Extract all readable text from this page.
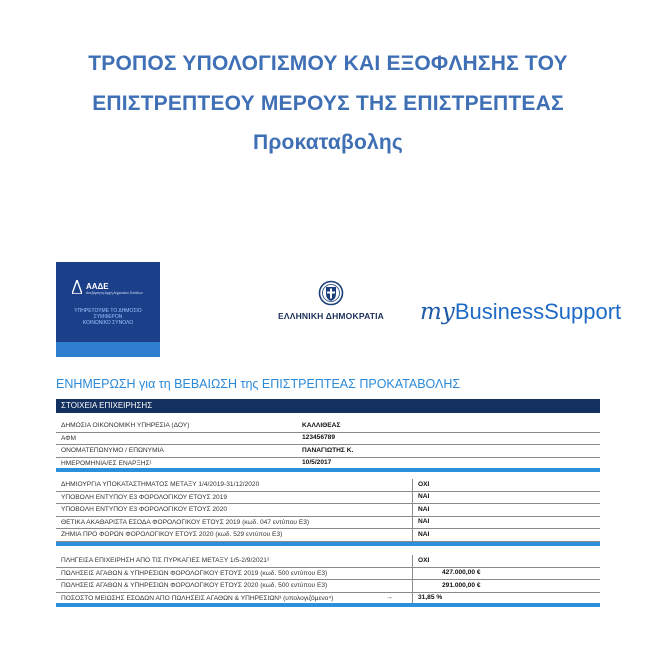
ΤΡΟΠΟΣ ΥΠΟΛΟΓΙΣΜΟΥ ΚΑΙ ΕΞΟΦΛΗΣΗΣ ΤΟΥ
ΕΠΙΣΤΡΕΠΤΕΟΥ ΜΕΡΟΥΣ ΤΗΣ ΕΠΙΣΤΡΕΠΤΕΑΣ
Προκαταβολης
ΑΑΔΕ
Ανεξάρτητη Αρχή Δημοσίων Εσόδων
ΥΠΗΡΕΤΟΥΜΕ ΤΟ ΔΗΜΟΣΙΟ ΣΥΜΦΕΡΟΝ
ΚΟΙΝΩΝΙΚΟ ΣΥΝΟΛΟ
ΕΛΛΗΝΙΚΗ ΔΗΜΟΚΡΑΤΙΑ	myBusinessSupport
ΕΝΗΜΕΡΩΣΗ για τη ΒΕΒΑΙΩΣΗ της ΕΠΙΣΤΡΕΠΤΕΑΣ ΠΡΟΚΑΤΑΒΟΛΗΣ
ΣΤΟΙΧΕΙΑ ΕΠΙΧΕΙΡΗΣΗΣ
ΔΗΜΟΣΙΑ ΟΙΚΟΝΟΜΙΚΗ ΥΠΗΡΕΣΙΑ (ΔΟΥ)	ΚΑΛΛΙΘΕΑΣ
ΑΦΜ	123456789
ΟΝΟΜΑΤΕΠΩΝΥΜΟ / ΕΠΩΝΥΜΙΑ	ΠΑΝΑΓΙΩΤΗΣ Κ.
ΗΜΕΡΟΜΗΝΙΑ/ΕΣ ΕΝΑΡΞΗΣ¹	10/5/2017
ΔΗΜΙΟΥΡΓΙΑ ΥΠΟΚΑΤΑΣΤΗΜΑΤΟΣ ΜΕΤΑΞΥ 1/4/2019-31/12/2020	ΟΧΙ
ΥΠΟΒΟΛΗ ΕΝΤΥΠΟΥ Ε3 ΦΟΡΟΛΟΓΙΚΟΥ ΕΤΟΥΣ 2019	ΝΑΙ
ΥΠΟΒΟΛΗ ΕΝΤΥΠΟΥ Ε3 ΦΟΡΟΛΟΓΙΚΟΥ ΕΤΟΥΣ 2020	ΝΑΙ
ΘΕΤΙΚΑ ΑΚΑΘΑΡΙΣΤΑ ΕΣΟΔΑ ΦΟΡΟΛΟΓΙΚΟΥ ΕΤΟΥΣ 2019 (κωδ. 047 εντύπου Ε3)	ΝΑΙ
ΖΗΜΙΑ ΠΡΟ ΦΟΡΩΝ ΦΟΡΟΛΟΓΙΚΟΥ ΕΤΟΥΣ 2020 (κωδ. 529 εντύπου Ε3)	ΝΑΙ
ΠΛΗΓΕΙΣΑ ΕΠΙΧΕΙΡΗΣΗ ΑΠΟ ΤΙΣ ΠΥΡΚΑΓΙΕΣ ΜΕΤΑΞΥ 1/5-2/9/2021²	ΟΧΙ
ΠΩΛΗΣΕΙΣ ΑΓΑΘΩΝ & ΥΠΗΡΕΣΙΩΝ ΦΟΡΟΛΟΓΙΚΟΥ ΕΤΟΥΣ 2019 (κωδ. 500 εντύπου Ε3)	427.000,00 €
ΠΩΛΗΣΕΙΣ ΑΓΑΘΩΝ & ΥΠΗΡΕΣΙΩΝ ΦΟΡΟΛΟΓΙΚΟΥ ΕΤΟΥΣ 2020 (κωδ. 500 εντύπου Ε3)	291.000,00 €
ΠΟΣΟΣΤΟ ΜΕΙΩΣΗΣ ΕΣΟΔΩΝ ΑΠΟ ΠΩΛΗΣΕΙΣ ΑΓΑΘΩΝ & ΥΠΗΡΕΣΙΩΝ³ (υπολογιζόμενο⁴)	→	31,85 %
